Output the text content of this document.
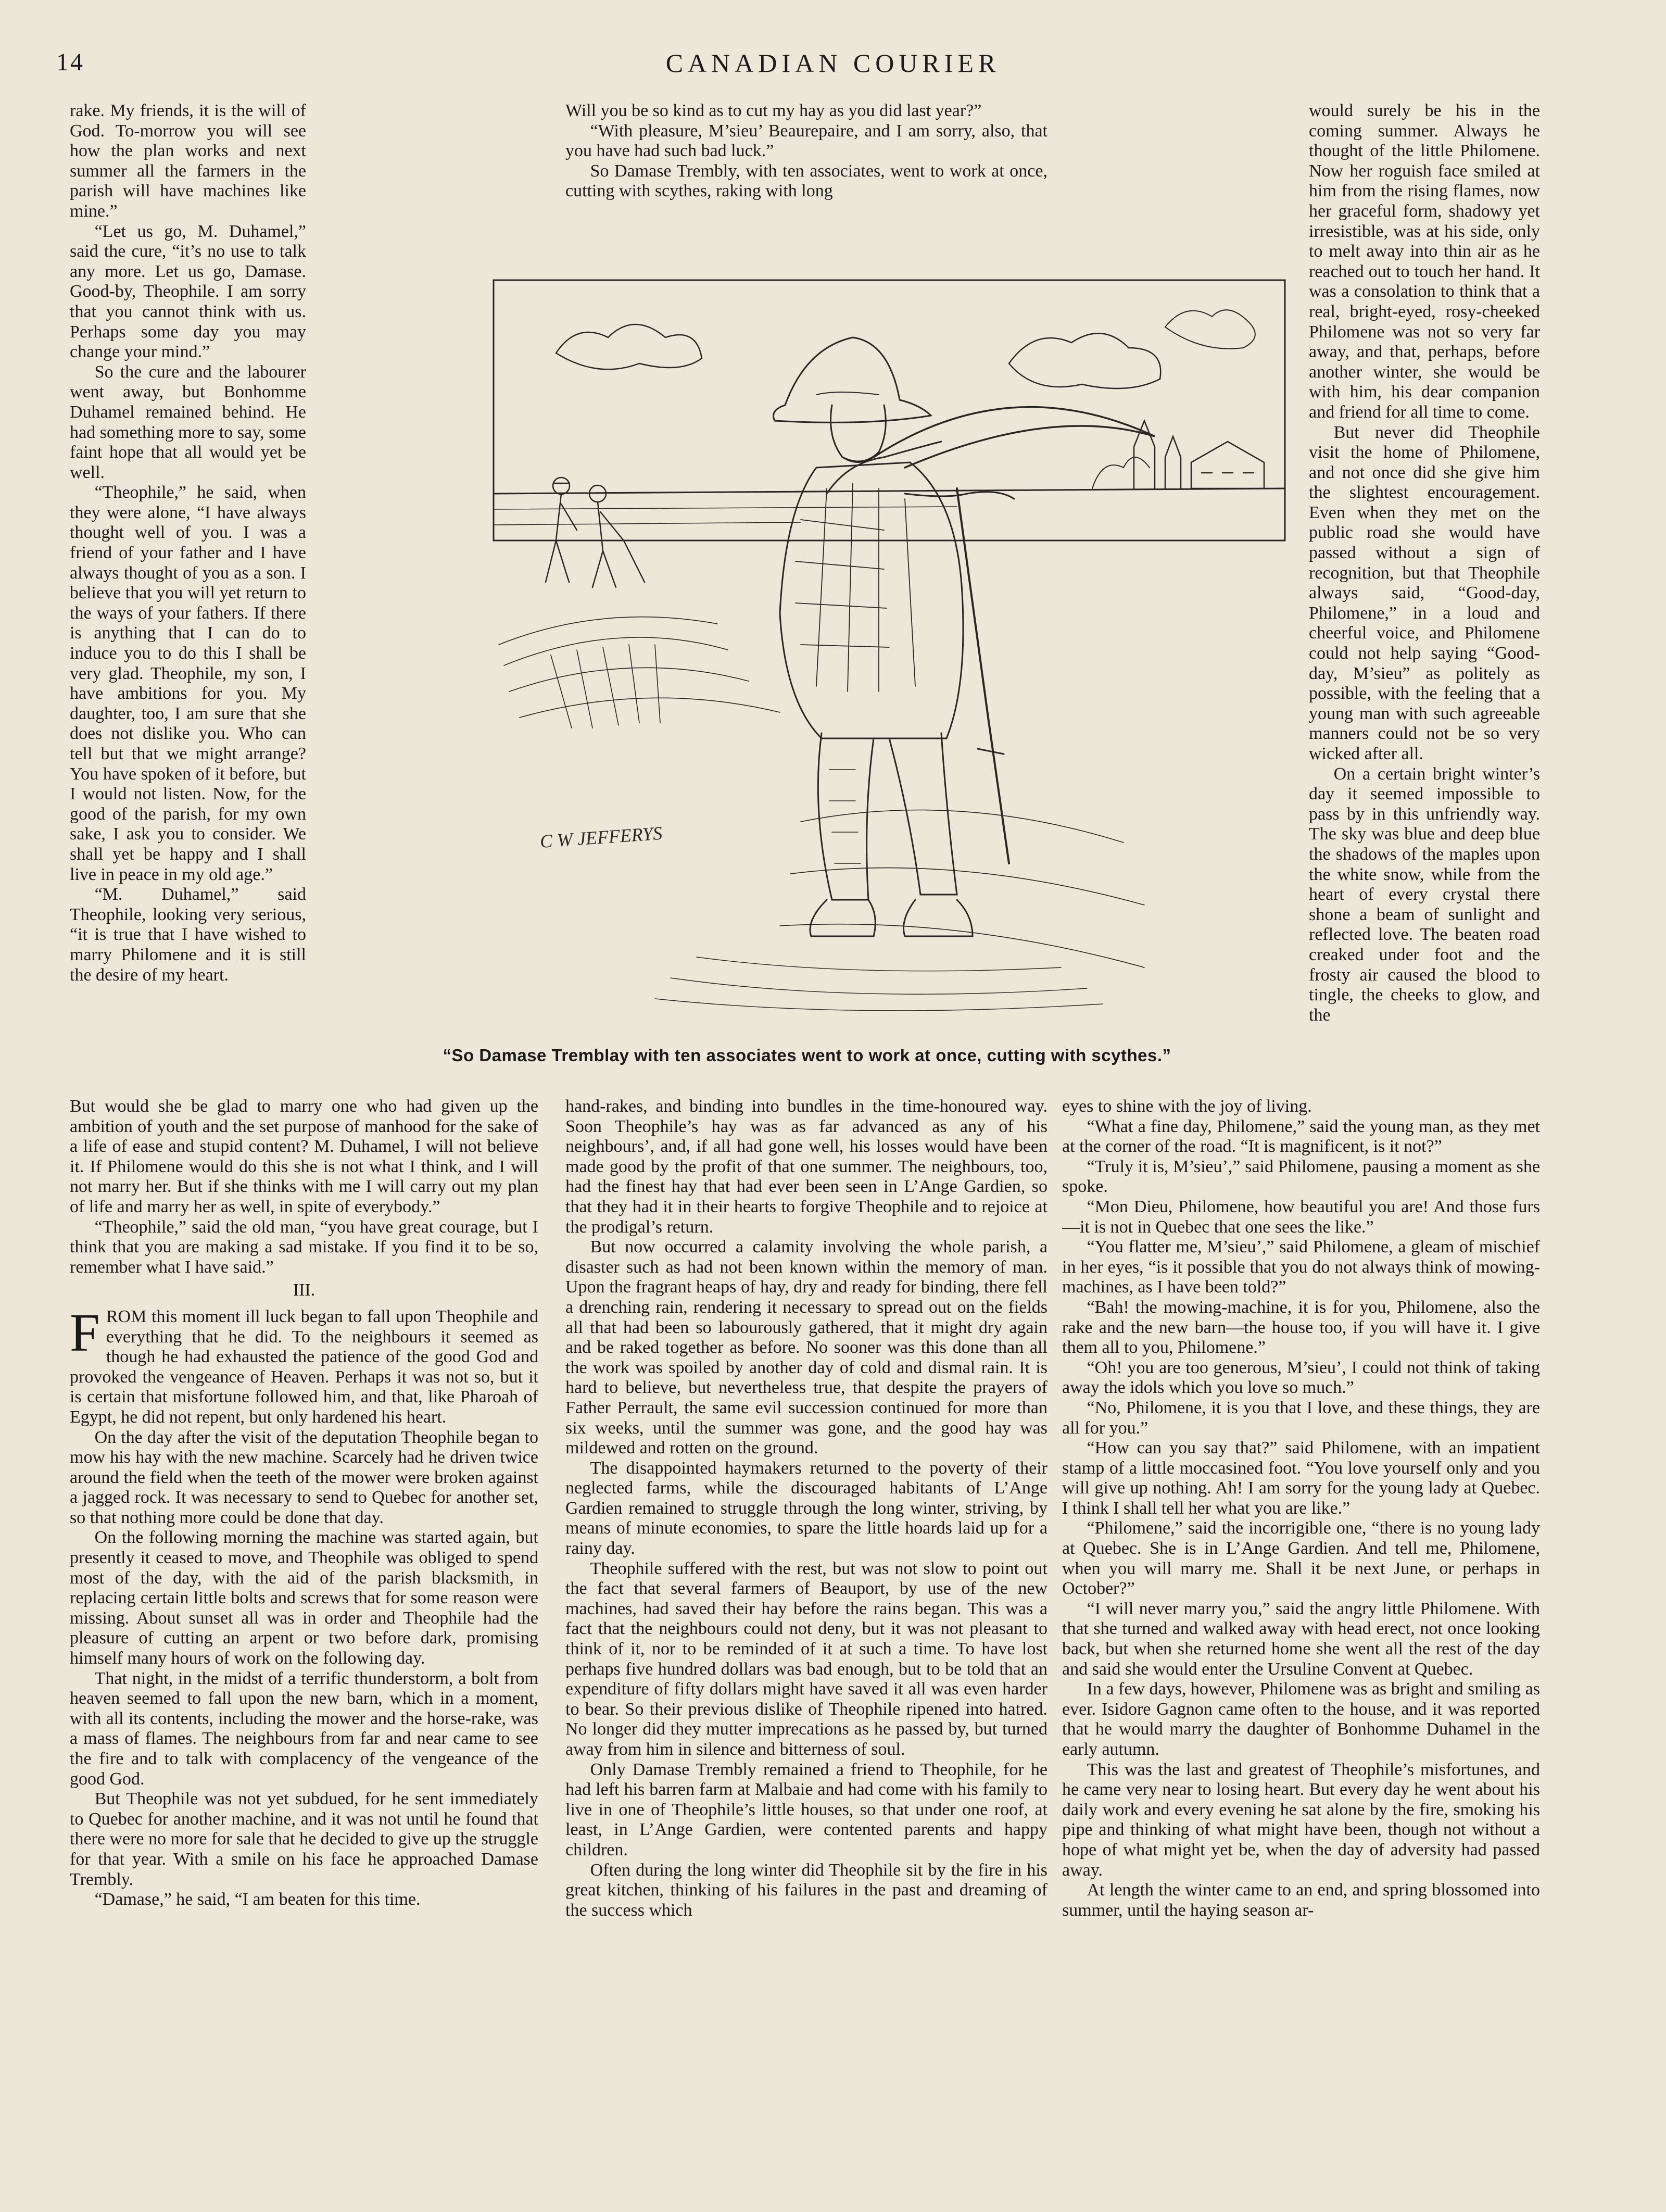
14	CANADIAN COURIER

rake. My friends, it is the will of God. To-morrow you will see how the plan works and next summer all the farmers in the parish will have machines like mine.”

“Let us go, M. Duhamel,” said the cure, “it’s no use to talk any more. Let us go, Damase. Good-by, Theophile. I am sorry that you cannot think with us. Perhaps some day you may change your mind.”

So the cure and the labourer went away, but Bonhomme Duhamel remained behind. He had something more to say, some faint hope that all would yet be well.

“Theophile,” he said, when they were alone, “I have always thought well of you. I was a friend of your father and I have always thought of you as a son. I believe that you will yet return to the ways of your fathers. If there is anything that I can do to induce you to do this I shall be very glad. Theophile, my son, I have ambitions for you. My daughter, too, I am sure that she does not dislike you. Who can tell but that we might arrange? You have spoken of it before, but I would not listen. Now, for the good of the parish, for my own sake, I ask you to consider. We shall yet be happy and I shall live in peace in my old age.”

“M. Duhamel,” said Theophile, looking very serious, “it is true that I have wished to marry Philomene and it is still the desire of my heart.

But would she be glad to marry one who had given up the ambition of youth and the set purpose of manhood for the sake of a life of ease and stupid content? M. Duhamel, I will not believe it. If Philomene would do this she is not what I think, and I will not marry her. But if she thinks with me I will carry out my plan of life and marry her as well, in spite of everybody.”

“Theophile,” said the old man, “you have great courage, but I think that you are making a sad mistake. If you find it to be so, remember what I have said.”

III.

FROM this moment ill luck began to fall upon Theophile and everything that he did. To the neighbours it seemed as though he had exhausted the patience of the good God and provoked the vengeance of Heaven. Perhaps it was not so, but it is certain that misfortune followed him, and that, like Pharoah of Egypt, he did not repent, but only hardened his heart.

On the day after the visit of the deputation Theophile began to mow his hay with the new machine. Scarcely had he driven twice around the field when the teeth of the mower were broken against a jagged rock. It was necessary to send to Quebec for another set, so that nothing more could be done that day.

On the following morning the machine was started again, but presently it ceased to move, and Theophile was obliged to spend most of the day, with the aid of the parish blacksmith, in replacing certain little bolts and screws that for some reason were missing. About sunset all was in order and Theophile had the pleasure of cutting an arpent or two before dark, promising himself many hours of work on the following day.

That night, in the midst of a terrific thunderstorm, a bolt from heaven seemed to fall upon the new barn, which in a moment, with all its contents, including the mower and the horse-rake, was a mass of flames. The neighbours from far and near came to see the fire and to talk with complacency of the vengeance of the good God.

But Theophile was not yet subdued, for he sent immediately to Quebec for another machine, and it was not until he found that there were no more for sale that he decided to give up the struggle for that year. With a smile on his face he approached Damase Trembly.

“Damase,” he said, “I am beaten for this time.

Will you be so kind as to cut my hay as you did last year?”

“With pleasure, M’sieu’ Beaurepaire, and I am sorry, also, that you have had such bad luck.”

So Damase Trembly, with ten associates, went to work at once, cutting with scythes, raking with long

hand-rakes, and binding into bundles in the time-honoured way. Soon Theophile’s hay was as far advanced as any of his neighbours’, and, if all had gone well, his losses would have been made good by the profit of that one summer. The neighbours, too, had the finest hay that had ever been seen in L’Ange Gardien, so that they had it in their hearts to forgive Theophile and to rejoice at the prodigal’s return.

But now occurred a calamity involving the whole parish, a disaster such as had not been known within the memory of man. Upon the fragrant heaps of hay, dry and ready for binding, there fell a drenching rain, rendering it necessary to spread out on the fields all that had been so labourously gathered, that it might dry again and be raked together as before. No sooner was this done than all the work was spoiled by another day of cold and dismal rain. It is hard to believe, but nevertheless true, that despite the prayers of Father Perrault, the same evil succession continued for more than six weeks, until the summer was gone, and the good hay was mildewed and rotten on the ground.

The disappointed haymakers returned to the poverty of their neglected farms, while the discouraged habitants of L’Ange Gardien remained to struggle through the long winter, striving, by means of minute economies, to spare the little hoards laid up for a rainy day.

Theophile suffered with the rest, but was not slow to point out the fact that several farmers of Beauport, by use of the new machines, had saved their hay before the rains began. This was a fact that the neighbours could not deny, but it was not pleasant to think of it, nor to be reminded of it at such a time. To have lost perhaps five hundred dollars was bad enough, but to be told that an expenditure of fifty dollars might have saved it all was even harder to bear. So their previous dislike of Theophile ripened into hatred. No longer did they mutter imprecations as he passed by, but turned away from him in silence and bitterness of soul.

Only Damase Trembly remained a friend to Theophile, for he had left his barren farm at Malbaie and had come with his family to live in one of Theophile’s little houses, so that under one roof, at least, in L’Ange Gardien, were contented parents and happy children.

Often during the long winter did Theophile sit by the fire in his great kitchen, thinking of his failures in the past and dreaming of the success which

would surely be his in the coming summer. Always he thought of the little Philomene. Now her roguish face smiled at him from the rising flames, now her graceful form, shadowy yet irresistible, was at his side, only to melt away into thin air as he reached out to touch her hand. It was a consolation to think that a real, bright-eyed, rosy-cheeked Philomene was not so very far away, and that, perhaps, before another winter, she would be with him, his dear companion and friend for all time to come.

But never did Theophile visit the home of Philomene, and not once did she give him the slightest encouragement. Even when they met on the public road she would have passed without a sign of recognition, but that Theophile always said, “Good-day, Philomene,” in a loud and cheerful voice, and Philomene could not help saying “Good-day, M’sieu” as politely as possible, with the feeling that a young man with such agreeable manners could not be so very wicked after all.

On a certain bright winter’s day it seemed impossible to pass by in this unfriendly way. The sky was blue and deep blue the shadows of the maples upon the white snow, while from the heart of every crystal there shone a beam of sunlight and reflected love. The beaten road creaked under foot and the frosty air caused the blood to tingle, the cheeks to glow, and the

eyes to shine with the joy of living.

“What a fine day, Philomene,” said the young man, as they met at the corner of the road. “It is magnificent, is it not?”

“Truly it is, M’sieu’,” said Philomene, pausing a moment as she spoke.

“Mon Dieu, Philomene, how beautiful you are! And those furs—it is not in Quebec that one sees the like.”

“You flatter me, M’sieu’,” said Philomene, a gleam of mischief in her eyes, “is it possible that you do not always think of mowing-machines, as I have been told?”

“Bah! the mowing-machine, it is for you, Philomene, also the rake and the new barn—the house too, if you will have it. I give them all to you, Philomene.”

“Oh! you are too generous, M’sieu’, I could not think of taking away the idols which you love so much.”

“No, Philomene, it is you that I love, and these things, they are all for you.”

“How can you say that?” said Philomene, with an impatient stamp of a little moccasined foot. “You love yourself only and you will give up nothing. Ah! I am sorry for the young lady at Quebec. I think I shall tell her what you are like.”

“Philomene,” said the incorrigible one, “there is no young lady at Quebec. She is in L’Ange Gardien. And tell me, Philomene, when you will marry me. Shall it be next June, or perhaps in October?”

“I will never marry you,” said the angry little Philomene. With that she turned and walked away with head erect, not once looking back, but when she returned home she went all the rest of the day and said she would enter the Ursuline Convent at Quebec.

In a few days, however, Philomene was as bright and smiling as ever. Isidore Gagnon came often to the house, and it was reported that he would marry the daughter of Bonhomme Duhamel in the early autumn.

This was the last and greatest of Theophile’s misfortunes, and he came very near to losing heart. But every day he went about his daily work and every evening he sat alone by the fire, smoking his pipe and thinking of what might have been, though not without a hope of what might yet be, when the day of adversity had passed away.

At length the winter came to an end, and spring blossomed into summer, until the haying season ar-

C W JEFFERYS
“So Damase Tremblay with ten associates went to work at once, cutting with scythes.”
